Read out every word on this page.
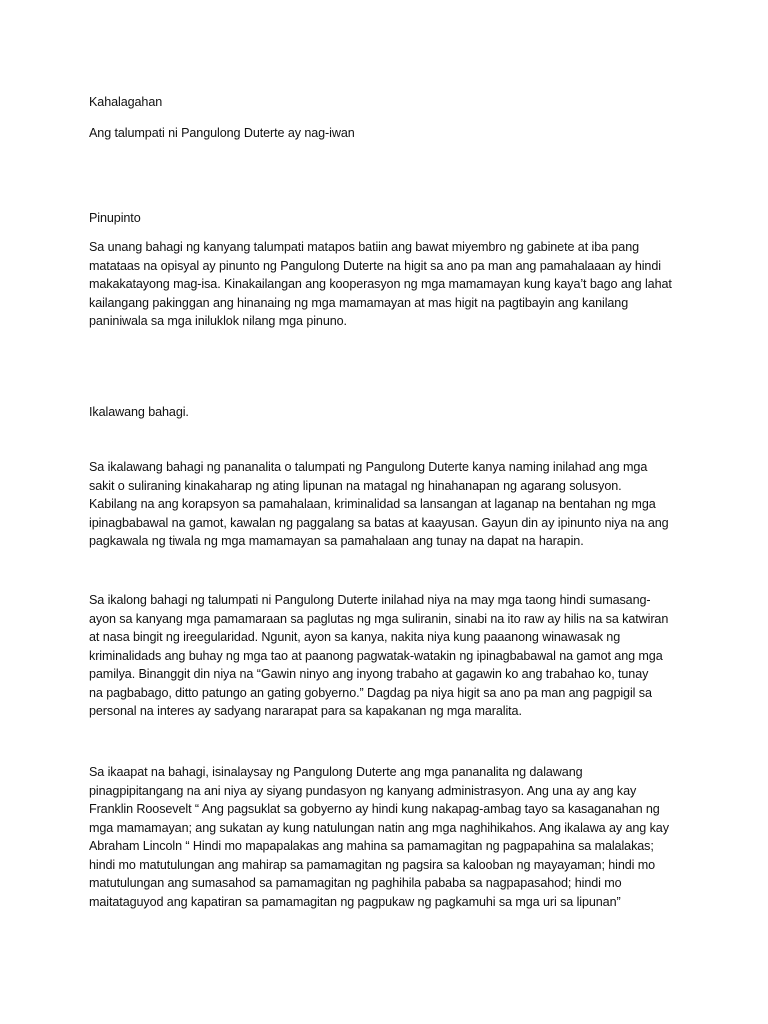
Kahalagahan
Ang talumpati ni Pangulong Duterte ay nag-iwan
Pinupinto
Sa unang bahagi ng kanyang talumpati matapos batiin ang bawat miyembro ng gabinete at iba pang
matataas na opisyal ay pinunto ng Pangulong Duterte na higit sa ano pa man ang pamahalaaan ay hindi
makakatayong mag-isa. Kinakailangan ang kooperasyon ng mga mamamayan kung kaya’t bago ang lahat
kailangang pakinggan ang hinanaing ng mga mamamayan at mas higit na pagtibayin ang kanilang
paniniwala sa mga iniluklok nilang mga pinuno.
Ikalawang bahagi.
Sa ikalawang bahagi ng pananalita o talumpati ng Pangulong Duterte kanya naming inilahad ang mga
sakit o suliraning kinakaharap ng ating lipunan na matagal ng hinahanapan ng agarang solusyon.
Kabilang na ang korapsyon sa pamahalaan, kriminalidad sa lansangan at laganap na bentahan ng mga
ipinagbabawal na gamot, kawalan ng paggalang sa batas at kaayusan. Gayun din ay ipinunto niya na ang
pagkawala ng tiwala ng mga mamamayan sa pamahalaan ang tunay na dapat na harapin.
Sa ikalong bahagi ng talumpati ni Pangulong Duterte inilahad niya na may mga taong hindi sumasang-
ayon sa kanyang mga pamamaraan sa paglutas ng mga suliranin, sinabi na ito raw ay hilis na sa katwiran
at nasa bingit ng ireegularidad. Ngunit, ayon sa kanya, nakita niya kung paaanong winawasak ng
kriminalidads ang buhay ng mga tao at paanong pagwatak-watakin ng ipinagbabawal na gamot ang mga
pamilya. Binanggit din niya na “Gawin ninyo ang inyong trabaho at gagawin ko ang trabahao ko, tunay
na pagbabago, ditto patungo an gating gobyerno.” Dagdag pa niya higit sa ano pa man ang pagpigil sa
personal na interes ay sadyang nararapat para sa kapakanan ng mga maralita.
Sa ikaapat na bahagi, isinalaysay ng Pangulong Duterte ang mga pananalita ng dalawang
pinagpipitangang na ani niya ay siyang pundasyon ng kanyang administrasyon. Ang una ay ang kay
Franklin Roosevelt “ Ang pagsuklat sa gobyerno ay hindi kung nakapag-ambag tayo sa kasaganahan ng
mga mamamayan; ang sukatan ay kung natulungan natin ang mga naghihikahos. Ang ikalawa ay ang kay
Abraham Lincoln “ Hindi mo mapapalakas ang mahina sa pamamagitan ng pagpapahina sa malalakas;
hindi mo matutulungan ang mahirap sa pamamagitan ng pagsira sa kalooban ng mayayaman; hindi mo
matutulungan ang sumasahod sa pamamagitan ng paghihila pababa sa nagpapasahod; hindi mo
maitataguyod ang kapatiran sa pamamagitan ng pagpukaw ng pagkamuhi sa mga uri sa lipunan”
